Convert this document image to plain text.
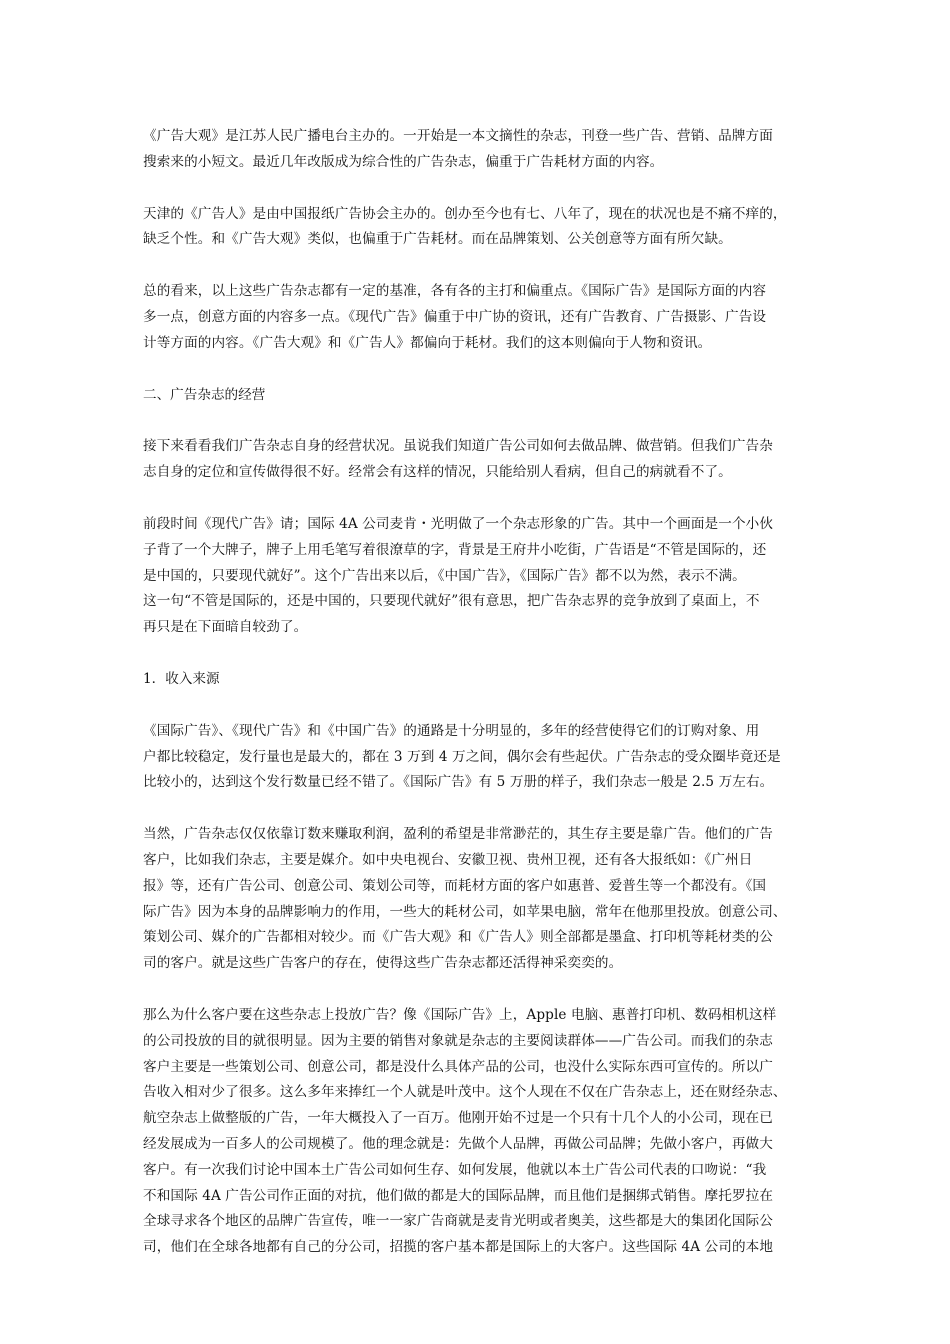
《广告大观》是江苏人民广播电台主办的。一开始是一本文摘性的杂志，刊登一些广告、营销、品牌方面
搜索来的小短文。最近几年改版成为综合性的广告杂志，偏重于广告耗材方面的内容。

天津的《广告人》是由中国报纸广告协会主办的。创办至今也有七、八年了，现在的状况也是不痛不痒的，
缺乏个性。和《广告大观》类似，也偏重于广告耗材。而在品牌策划、公关创意等方面有所欠缺。

总的看来，以上这些广告杂志都有一定的基准，各有各的主打和偏重点。《国际广告》是国际方面的内容
多一点，创意方面的内容多一点。《现代广告》偏重于中广协的资讯，还有广告教育、广告摄影、广告设
计等方面的内容。《广告大观》和《广告人》都偏向于耗材。我们的这本则偏向于人物和资讯。

二、广告杂志的经营

接下来看看我们广告杂志自身的经营状况。虽说我们知道广告公司如何去做品牌、做营销。但我们广告杂
志自身的定位和宣传做得很不好。经常会有这样的情况，只能给别人看病，但自己的病就看不了。

前段时间《现代广告》请；国际 4A 公司麦肯・光明做了一个杂志形象的广告。其中一个画面是一个小伙
子背了一个大牌子，牌子上用毛笔写着很潦草的字，背景是王府井小吃街，广告语是“不管是国际的，还
是中国的，只要现代就好”。这个广告出来以后，《中国广告》，《国际广告》都不以为然，表示不满。
这一句“不管是国际的，还是中国的，只要现代就好”很有意思，把广告杂志界的竞争放到了桌面上，不
再只是在下面暗自较劲了。

1．收入来源

《国际广告》、《现代广告》和《中国广告》的通路是十分明显的，多年的经营使得它们的订购对象、用
户都比较稳定，发行量也是最大的，都在 3 万到 4 万之间，偶尔会有些起伏。广告杂志的受众圈毕竟还是
比较小的，达到这个发行数量已经不错了。《国际广告》有 5 万册的样子，我们杂志一般是 2.5 万左右。

当然，广告杂志仅仅依靠订数来赚取利润，盈利的希望是非常渺茫的，其生存主要是靠广告。他们的广告
客户，比如我们杂志，主要是媒介。如中央电视台、安徽卫视、贵州卫视，还有各大报纸如：《广州日
报》等，还有广告公司、创意公司、策划公司等，而耗材方面的客户如惠普、爱普生等一个都没有。《国
际广告》因为本身的品牌影响力的作用，一些大的耗材公司，如苹果电脑，常年在他那里投放。创意公司、
策划公司、媒介的广告都相对较少。而《广告大观》和《广告人》则全部都是墨盒、打印机等耗材类的公
司的客户。就是这些广告客户的存在，使得这些广告杂志都还活得神采奕奕的。

那么为什么客户要在这些杂志上投放广告？像《国际广告》上，Apple 电脑、惠普打印机、数码相机这样
的公司投放的目的就很明显。因为主要的销售对象就是杂志的主要阅读群体——广告公司。而我们的杂志
客户主要是一些策划公司、创意公司，都是没什么具体产品的公司，也没什么实际东西可宣传的。所以广
告收入相对少了很多。这么多年来捧红一个人就是叶茂中。这个人现在不仅在广告杂志上，还在财经杂志、
航空杂志上做整版的广告，一年大概投入了一百万。他刚开始不过是一个只有十几个人的小公司，现在已
经发展成为一百多人的公司规模了。他的理念就是：先做个人品牌，再做公司品牌；先做小客户，再做大
客户。有一次我们讨论中国本土广告公司如何生存、如何发展，他就以本土广告公司代表的口吻说：“我
不和国际 4A 广告公司作正面的对抗，他们做的都是大的国际品牌，而且他们是捆绑式销售。摩托罗拉在
全球寻求各个地区的品牌广告宣传，唯一一家广告商就是麦肯光明或者奥美，这些都是大的集团化国际公
司，他们在全球各地都有自己的分公司，招揽的客户基本都是国际上的大客户。这些国际 4A 公司的本地
